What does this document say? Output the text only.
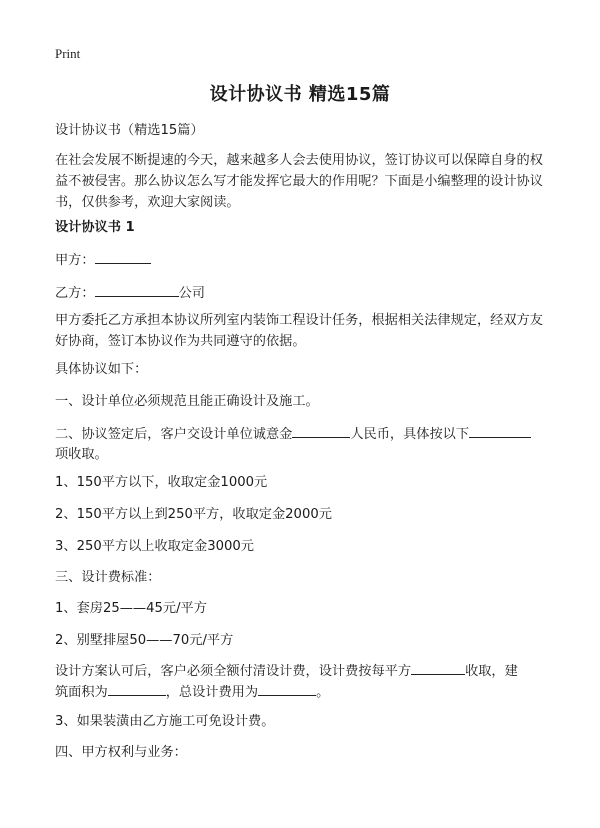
Print
设计协议书 精选15篇
设计协议书（精选15篇）
在社会发展不断提速的今天，越来越多人会去使用协议，签订协议可以保障自身的权益不被侵害。那么协议怎么写才能发挥它最大的作用呢？下面是小编整理的设计协议书，仅供参考，欢迎大家阅读。
设计协议书 1
甲方：
乙方：	公司
甲方委托乙方承担本协议所列室内装饰工程设计任务，根据相关法律规定，经双方友好协商，签订本协议作为共同遵守的依据。
具体协议如下：
一、设计单位必须规范且能正确设计及施工。
二、协议签定后，客户交设计单位诚意金	人民币，具体按以下
项收取。
1、150平方以下，收取定金1000元
2、150平方以上到250平方，收取定金2000元
3、250平方以上收取定金3000元
三、设计费标准：
1、套房25——45元/平方
2、别墅排屋50——70元/平方
设计方案认可后，客户必须全额付清设计费，设计费按每平方	收取，建
筑面积为	，总设计费用为	。
3、如果装潢由乙方施工可免设计费。
四、甲方权利与业务：
